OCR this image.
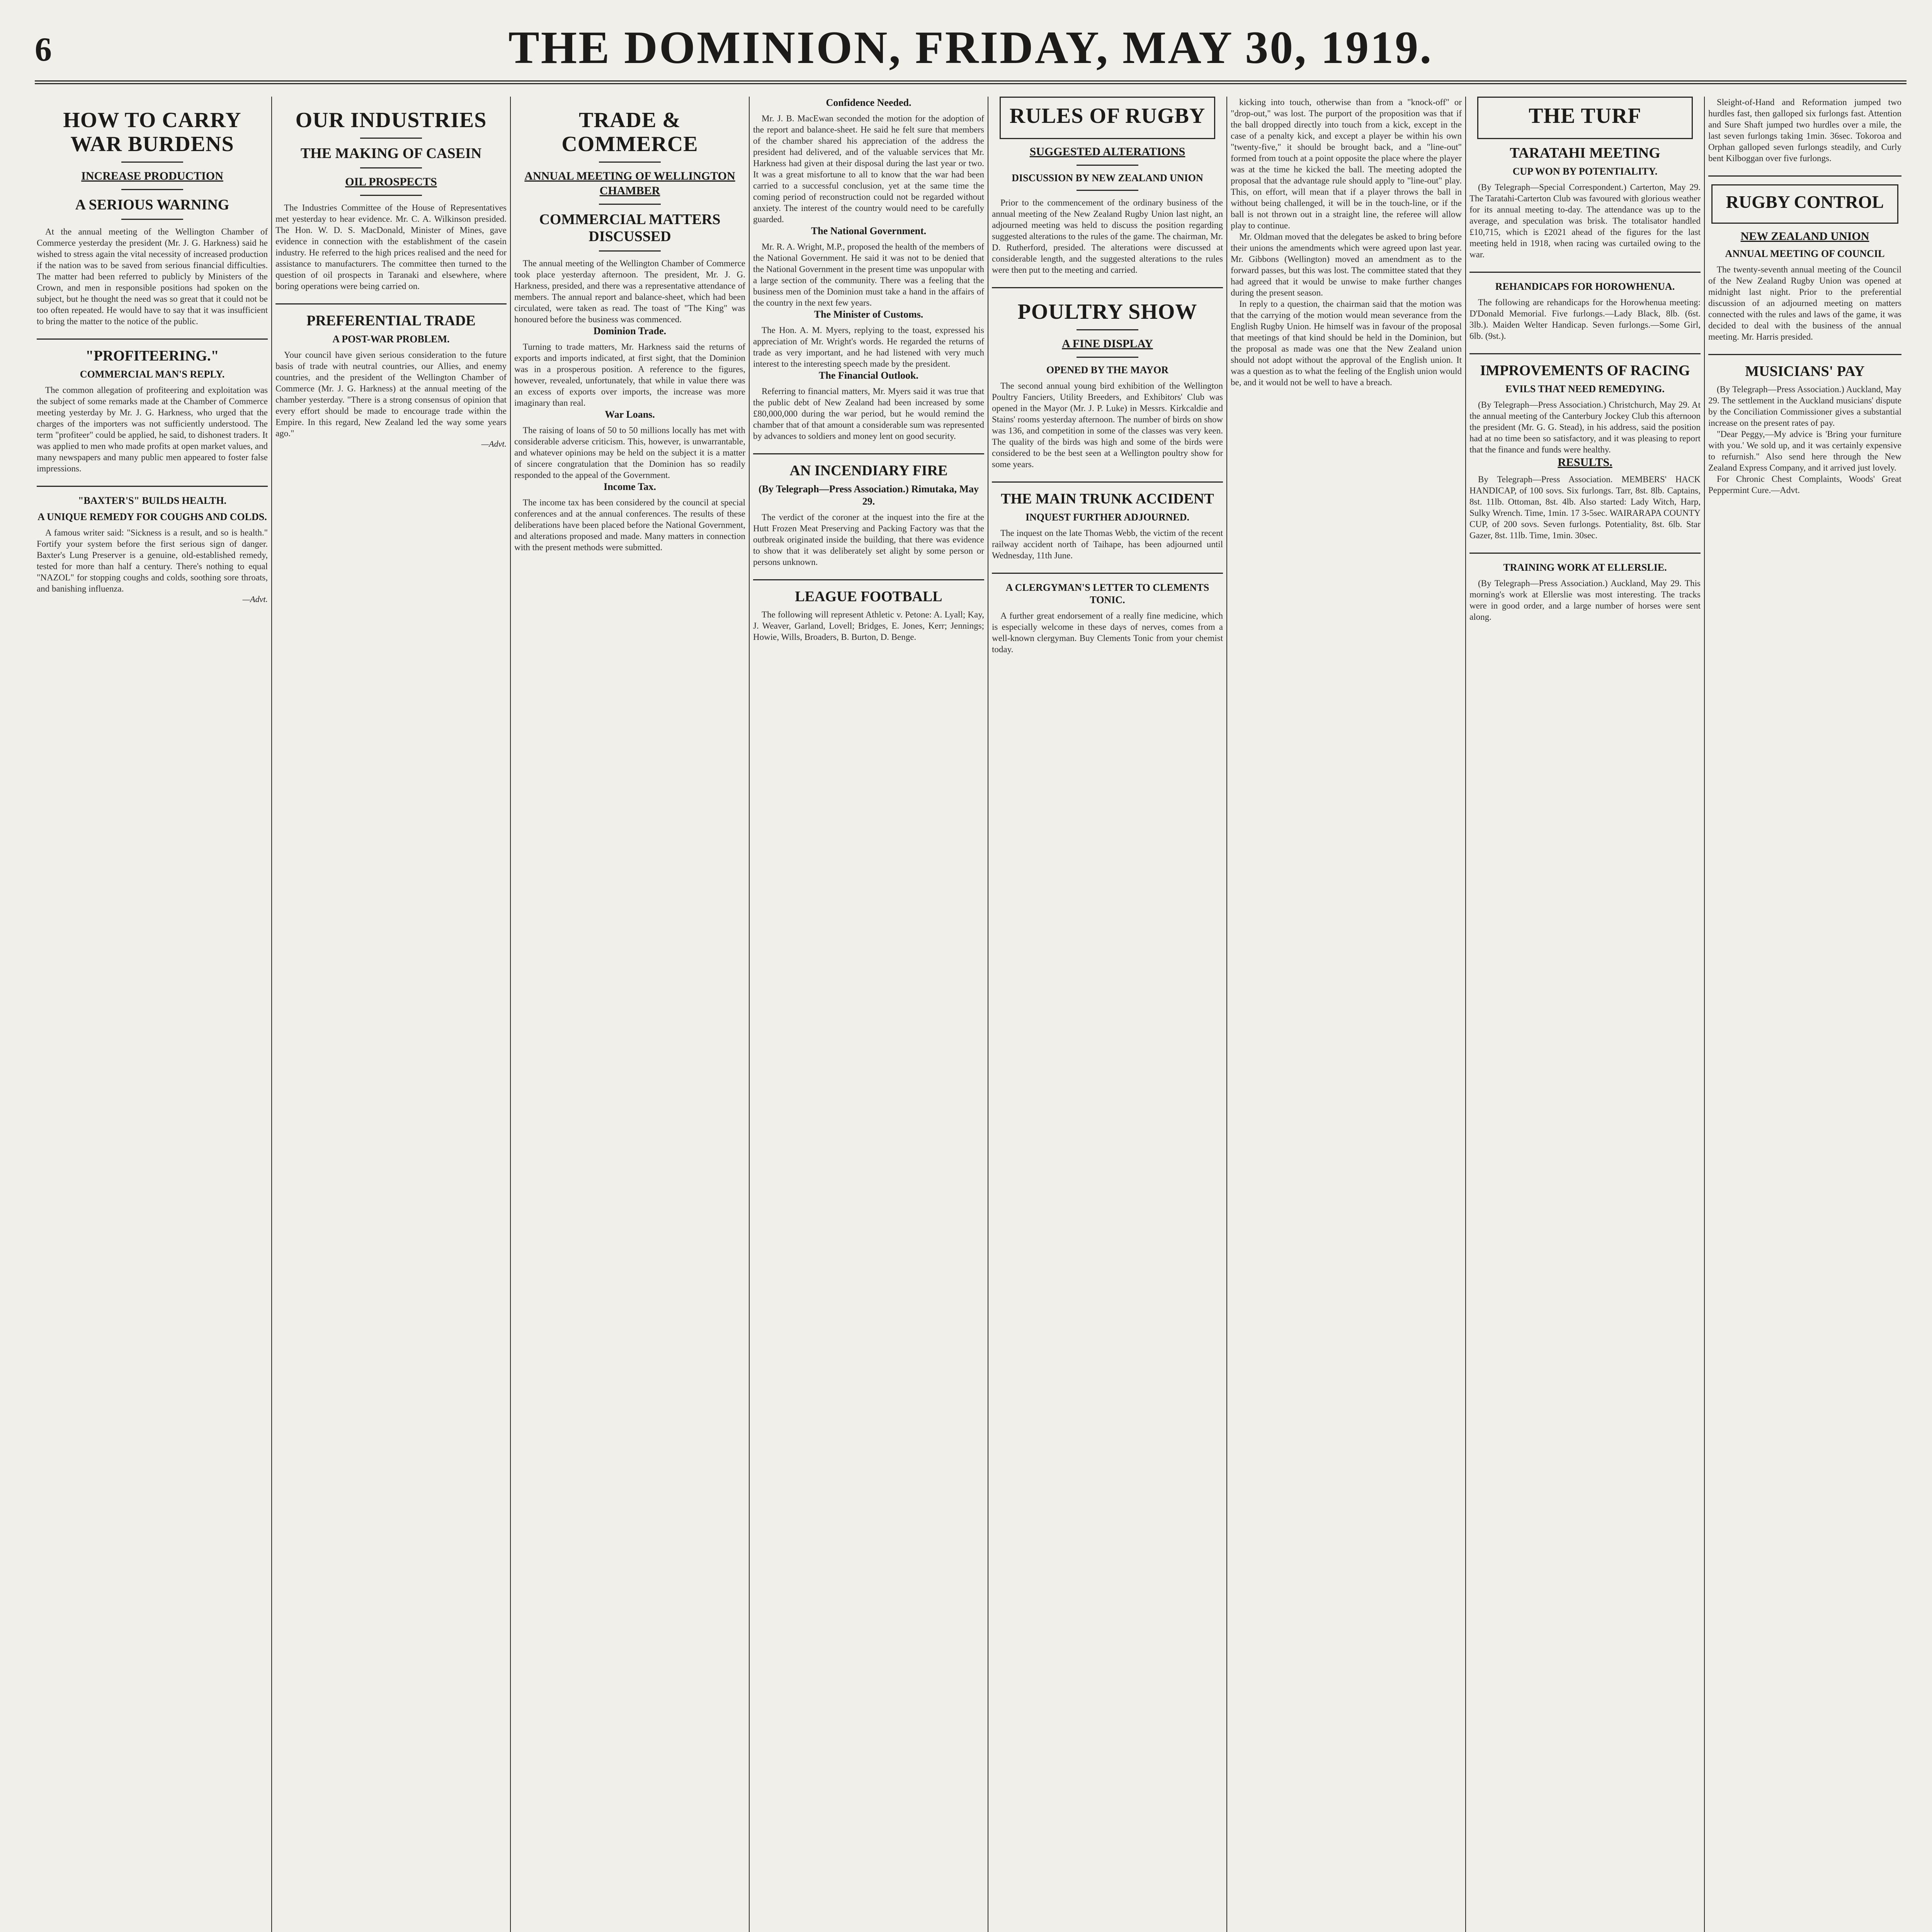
6	THE DOMINION, FRIDAY, MAY 30, 1919.
HOW TO CARRY WAR BURDENS
INCREASE PRODUCTION
A SERIOUS WARNING
At the annual meeting of the Wellington Chamber of Commerce yesterday the president (Mr. J. G. Harkness) said he wished to stress again the vital necessity of increased production if the nation was to be saved from serious financial difficulties. The matter had been referred to publicly by Ministers of the Crown, and men in responsible positions had spoken on the subject, but he thought the need was so great that it could not be too often repeated. He would have to say that it was insufficient to bring the matter to the notice of the public.
"PROFITEERING."
COMMERCIAL MAN'S REPLY.
The common allegation of profiteering and exploitation was the subject of some remarks made at the Chamber of Commerce meeting yesterday by Mr. J. G. Harkness, who urged that the charges of the importers was not sufficiently understood. The term "profiteer" could be applied, he said, to dishonest traders. It was applied to men who made profits at open market values, and many newspapers and many public men appeared to foster false impressions.
"BAXTER'S" BUILDS HEALTH.
A UNIQUE REMEDY FOR COUGHS AND COLDS.
A famous writer said: "Sickness is a result, and so is health." Fortify your system before the first serious sign of danger. Baxter's Lung Preserver is a genuine, old-established remedy, tested for more than half a century. There's nothing to equal "NAZOL" for stopping coughs and colds, soothing sore throats, and banishing influenza.
—Advt.
OUR INDUSTRIES
THE MAKING OF CASEIN
OIL PROSPECTS
The Industries Committee of the House of Representatives met yesterday to hear evidence. Mr. C. A. Wilkinson presided. The Hon. W. D. S. MacDonald, Minister of Mines, gave evidence in connection with the establishment of the casein industry. He referred to the high prices realised and the need for assistance to manufacturers. The committee then turned to the question of oil prospects in Taranaki and elsewhere, where boring operations were being carried on.
PREFERENTIAL TRADE
A POST-WAR PROBLEM.
Your council have given serious consideration to the future basis of trade with neutral countries, our Allies, and enemy countries, and the president of the Wellington Chamber of Commerce (Mr. J. G. Harkness) at the annual meeting of the chamber yesterday. "There is a strong consensus of opinion that every effort should be made to encourage trade within the Empire. In this regard, New Zealand led the way some years ago."
—Advt.
TRADE & COMMERCE
ANNUAL MEETING OF WELLINGTON CHAMBER
COMMERCIAL MATTERS DISCUSSED
The annual meeting of the Wellington Chamber of Commerce took place yesterday afternoon. The president, Mr. J. G. Harkness, presided, and there was a representative attendance of members. The annual report and balance-sheet, which had been circulated, were taken as read. The toast of "The King" was honoured before the business was commenced.
Dominion Trade.
Turning to trade matters, Mr. Harkness said the returns of exports and imports indicated, at first sight, that the Dominion was in a prosperous position. A reference to the figures, however, revealed, unfortunately, that while in value there was an excess of exports over imports, the increase was more imaginary than real.
War Loans.
The raising of loans of 50 to 50 millions locally has met with considerable adverse criticism. This, however, is unwarrantable, and whatever opinions may be held on the subject it is a matter of sincere congratulation that the Dominion has so readily responded to the appeal of the Government.
Income Tax.
The income tax has been considered by the council at special conferences and at the annual conferences. The results of these deliberations have been placed before the National Government, and alterations proposed and made. Many matters in connection with the present methods were submitted.
Confidence Needed.
Mr. J. B. MacEwan seconded the motion for the adoption of the report and balance-sheet. He said he felt sure that members of the chamber shared his appreciation of the address the president had delivered, and of the valuable services that Mr. Harkness had given at their disposal during the last year or two. It was a great misfortune to all to know that the war had been carried to a successful conclusion, yet at the same time the coming period of reconstruction could not be regarded without anxiety. The interest of the country would need to be carefully guarded.
The National Government.
Mr. R. A. Wright, M.P., proposed the health of the members of the National Government. He said it was not to be denied that the National Government in the present time was unpopular with a large section of the community. There was a feeling that the business men of the Dominion must take a hand in the affairs of the country in the next few years.
The Minister of Customs.
The Hon. A. M. Myers, replying to the toast, expressed his appreciation of Mr. Wright's words. He regarded the returns of trade as very important, and he had listened with very much interest to the interesting speech made by the president.
The Financial Outlook.
Referring to financial matters, Mr. Myers said it was true that the public debt of New Zealand had been increased by some £80,000,000 during the war period, but he would remind the chamber that of that amount a considerable sum was represented by advances to soldiers and money lent on good security.
AN INCENDIARY FIRE
(By Telegraph—Press Association.) Rimutaka, May 29.
The verdict of the coroner at the inquest into the fire at the Hutt Frozen Meat Preserving and Packing Factory was that the outbreak originated inside the building, that there was evidence to show that it was deliberately set alight by some person or persons unknown.
LEAGUE FOOTBALL
The following will represent Athletic v. Petone: A. Lyall; Kay, J. Weaver, Garland, Lovell; Bridges, E. Jones, Kerr; Jennings; Howie, Wills, Broaders, B. Burton, D. Benge.
RULES OF RUGBY
SUGGESTED ALTERATIONS
DISCUSSION BY NEW ZEALAND UNION
Prior to the commencement of the ordinary business of the annual meeting of the New Zealand Rugby Union last night, an adjourned meeting was held to discuss the position regarding suggested alterations to the rules of the game. The chairman, Mr. D. Rutherford, presided. The alterations were discussed at considerable length, and the suggested alterations to the rules were then put to the meeting and carried.
POULTRY SHOW
A FINE DISPLAY
OPENED BY THE MAYOR
The second annual young bird exhibition of the Wellington Poultry Fanciers, Utility Breeders, and Exhibitors' Club was opened in the Mayor (Mr. J. P. Luke) in Messrs. Kirkcaldie and Stains' rooms yesterday afternoon. The number of birds on show was 136, and competition in some of the classes was very keen. The quality of the birds was high and some of the birds were considered to be the best seen at a Wellington poultry show for some years.
THE MAIN TRUNK ACCIDENT
INQUEST FURTHER ADJOURNED.
The inquest on the late Thomas Webb, the victim of the recent railway accident north of Taihape, has been adjourned until Wednesday, 11th June.
A CLERGYMAN'S LETTER TO CLEMENTS TONIC.
A further great endorsement of a really fine medicine, which is especially welcome in these days of nerves, comes from a well-known clergyman. Buy Clements Tonic from your chemist today.
kicking into touch, otherwise than from a "knock-off" or "drop-out," was lost. The purport of the proposition was that if the ball dropped directly into touch from a kick, except in the case of a penalty kick, and except a player be within his own "twenty-five," it should be brought back, and a "line-out" formed from touch at a point opposite the place where the player was at the time he kicked the ball. The meeting adopted the proposal that the advantage rule should apply to "line-out" play. This, on effort, will mean that if a player throws the ball in without being challenged, it will be in the touch-line, or if the ball is not thrown out in a straight line, the referee will allow play to continue.
Mr. Oldman moved that the delegates be asked to bring before their unions the amendments which were agreed upon last year. Mr. Gibbons (Wellington) moved an amendment as to the forward passes, but this was lost. The committee stated that they had agreed that it would be unwise to make further changes during the present season.
In reply to a question, the chairman said that the motion was that the carrying of the motion would mean severance from the English Rugby Union. He himself was in favour of the proposal that meetings of that kind should be held in the Dominion, but the proposal as made was one that the New Zealand union should not adopt without the approval of the English union. It was a question as to what the feeling of the English union would be, and it would not be well to have a breach.
THE TURF
TARATAHI MEETING
CUP WON BY POTENTIALITY.
(By Telegraph—Special Correspondent.) Carterton, May 29. The Taratahi-Carterton Club was favoured with glorious weather for its annual meeting to-day. The attendance was up to the average, and speculation was brisk. The totalisator handled £10,715, which is £2021 ahead of the figures for the last meeting held in 1918, when racing was curtailed owing to the war.
REHANDICAPS FOR HOROWHENUA.
The following are rehandicaps for the Horowhenua meeting: D'Donald Memorial. Five furlongs.—Lady Black, 8lb. (6st. 3lb.). Maiden Welter Handicap. Seven furlongs.—Some Girl, 6lb. (9st.).
IMPROVEMENTS OF RACING
EVILS THAT NEED REMEDYING.
(By Telegraph—Press Association.) Christchurch, May 29. At the annual meeting of the Canterbury Jockey Club this afternoon the president (Mr. G. G. Stead), in his address, said the position had at no time been so satisfactory, and it was pleasing to report that the finance and funds were healthy.
RESULTS.
By Telegraph—Press Association. MEMBERS' HACK HANDICAP, of 100 sovs. Six furlongs. Tarr, 8st. 8lb. Captains, 8st. 11lb. Ottoman, 8st. 4lb. Also started: Lady Witch, Harp, Sulky Wrench. Time, 1min. 17 3-5sec. WAIRARAPA COUNTY CUP, of 200 sovs. Seven furlongs. Potentiality, 8st. 6lb. Star Gazer, 8st. 11lb. Time, 1min. 30sec.
TRAINING WORK AT ELLERSLIE.
(By Telegraph—Press Association.) Auckland, May 29. This morning's work at Ellerslie was most interesting. The tracks were in good order, and a large number of horses were sent along.
Sleight-of-Hand and Reformation jumped two hurdles fast, then galloped six furlongs fast. Attention and Sure Shaft jumped two hurdles over a mile, the last seven furlongs taking 1min. 36sec. Tokoroa and Orphan galloped seven furlongs steadily, and Curly bent Kilboggan over five furlongs.
RUGBY CONTROL
NEW ZEALAND UNION
ANNUAL MEETING OF COUNCIL
The twenty-seventh annual meeting of the Council of the New Zealand Rugby Union was opened at midnight last night. Prior to the preferential discussion of an adjourned meeting on matters connected with the rules and laws of the game, it was decided to deal with the business of the annual meeting. Mr. Harris presided.
MUSICIANS' PAY
(By Telegraph—Press Association.) Auckland, May 29. The settlement in the Auckland musicians' dispute by the Conciliation Commissioner gives a substantial increase on the present rates of pay.
"Dear Peggy,—My advice is 'Bring your furniture with you.' We sold up, and it was certainly expensive to refurnish." Also send here through the New Zealand Express Company, and it arrived just lovely.
For Chronic Chest Complaints, Woods' Great Peppermint Cure.—Advt.
